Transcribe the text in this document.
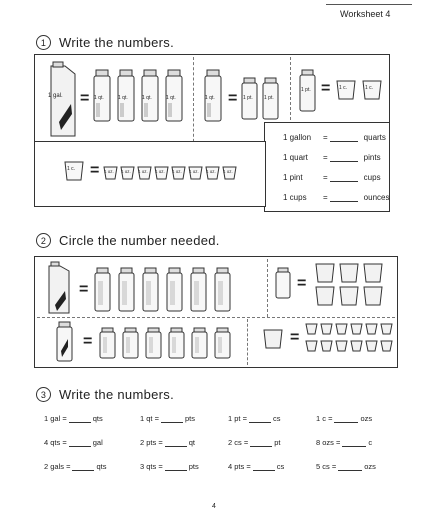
Worksheet 4
1 Write the numbers.
1 gal. = 1 qt.	1 qt.	1 qt.	1 qt.	1 qt. = 1 pt. 1 pt.
1 pt. = 1 c.	1 c.
1 gallon	=	quarts
1 quart	=	pints
1 pint	=	cups
1 cups	=	ounces
1 c. = 1 oz. 1 oz. 1 oz. 1 oz. 1 oz. 1 oz. 1 oz. 1 oz.
2 Circle the number needed.
=	=
=	=
3 Write the numbers.
1 gal =	qts	1 qt =	pts	1 pt =	cs	1 c =	ozs
4 qts =	gal	2 pts =	qt	2 cs =	pt	8 ozs =	c
2 gals =	qts	3 qts =	pts	4 pts =	cs	5 cs =	ozs
4
